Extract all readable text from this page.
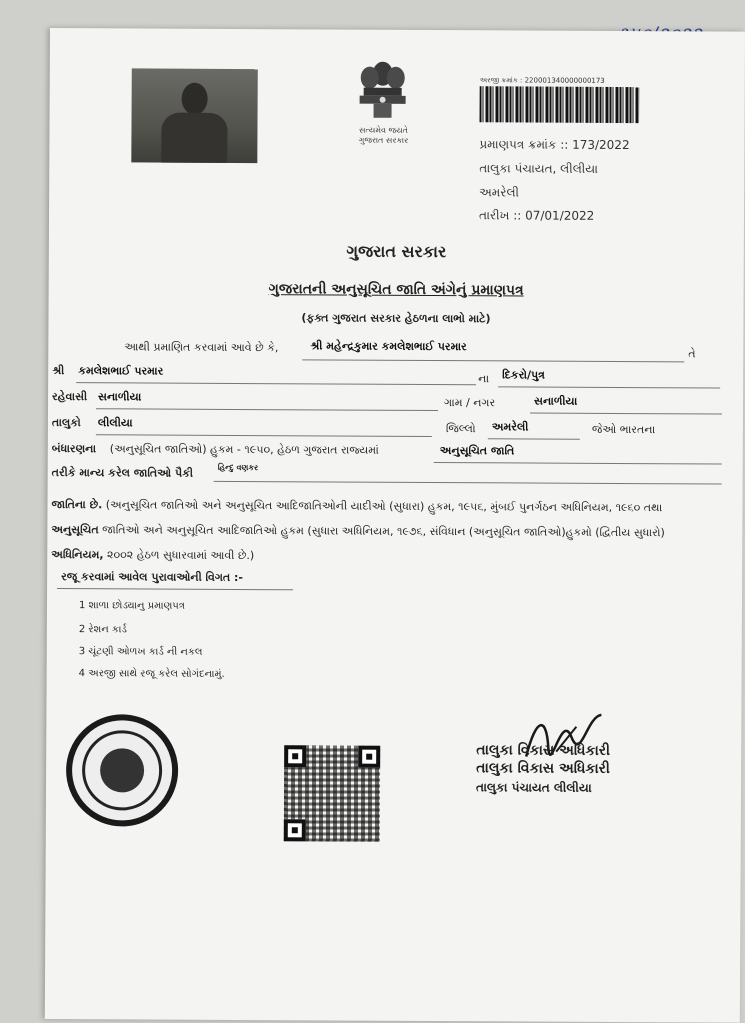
સત્યમેવ જયતે
ગુજરાત સરકાર
અરજી ક્રમાંક : 220001340000000173
પ્રમાણપત્ર ક્રમાંક :: 173/2022
તાલુકા પંચાયત, લીલીયા
અમરેલી
તારીખ :: 07/01/2022
ગુજરાત સરકાર
ગુજરાતની અનુસૂચિત જાતિ અંગેનું પ્રમાણપત્ર
(ફક્ત ગુજરાત સરકાર હેઠળના લાભો માટે)
આથી પ્રમાણિત કરવામાં આવે છે કે,	શ્રી મહેન્દ્રકુમાર કમલેશભાઈ પરમાર
તે
શ્રી કમલેશભાઈ પરમાર
ના દિકરો/પુત્ર
રહેવાસી સનાળીયા	ગામ / નગર	સનાળીયા
તાલુકો લીલીયા	જિલ્લો અમરેલી	જેઓ ભારતના
બંધારણના (અનુસૂચિત જાતિઓ) હુકમ - ૧૯૫૦, હેઠળ ગુજરાત રાજ્યમાં	અનુસૂચિત જાતિ
તરીકે માન્ય કરેલ જાતિઓ પૈકી	હિન્દુ વણકર
જાતિના છે. (અનુસૂચિત જાતિઓ અને અનુસૂચિત આદિજાતિઓની યાદીઓ (સુધારા) હુકમ, ૧૯૫૬, મુંબઈ પુનર્ગઠન અધિનિયમ, ૧૯૬૦ તથા
અનુસૂચિત જાતિઓ અને અનુસૂચિત આદિજાતિઓ હુકમ (સુધારા અધિનિયમ, ૧૯૭૬, સંવિધાન (અનુસૂચિત જાતિઓ)હુકમો (દ્વિતીય સુધારો)
અધિનિયમ, ૨૦૦૨ હેઠળ સુધારવામાં આવી છે.)
રજૂ કરવામાં આવેલ પુરાવાઓની વિગત :-
1 શાળા છોડ્યાનુ પ્રમાણપત્ર
2 રેશન કાર્ડ
3 ચૂંટણી ઓળખ કાર્ડ ની નકલ
4 અરજી સાથે રજૂ કરેલ સોગંદનામું.
તાલુકા વિકાસ અધિકારી
તાલુકા વિકાસ અધિકારી
તાલુકા પંચાયત લીલીયા
